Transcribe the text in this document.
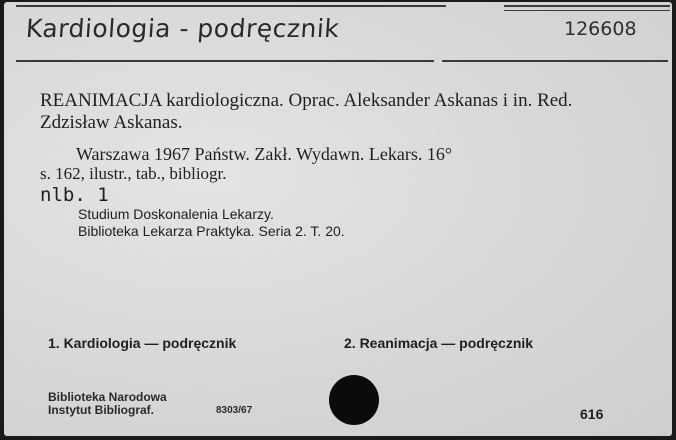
Kardiologia - podręcznik	126608
REANIMACJA kardiologiczna. Oprac. Aleksander Askanas i in. Red. Zdzisław Askanas.
Warszawa 1967 Państw. Zakł. Wydawn. Lekars. 16°
s. 162, ilustr., tab., bibliogr.
nlb. 1
Studium Doskonalenia Lekarzy.
Biblioteka Lekarza Praktyka. Seria 2. T. 20.
1. Kardiologia — podręcznik	2. Reanimacja — podręcznik
Biblioteka Narodowa
Instytut Bibliograf.	8303/67	616
